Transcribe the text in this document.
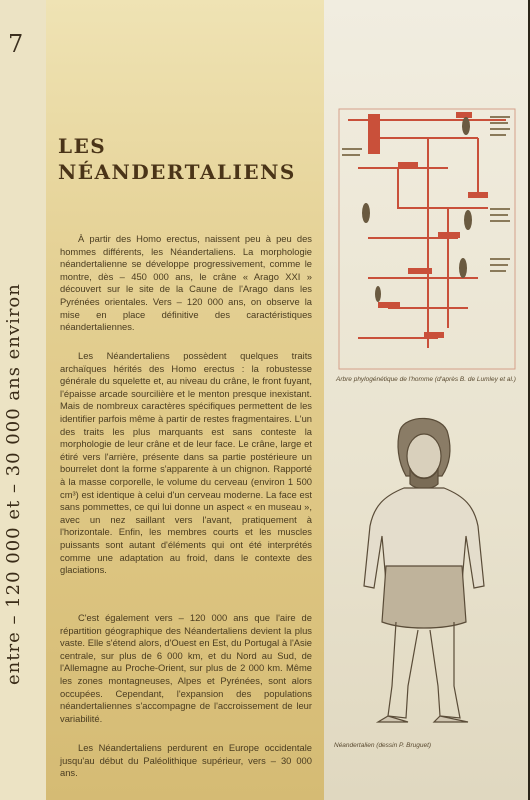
7
entre – 120 000 et – 30 000 ans environ
LES
NÉANDERTALIENS

À partir des Homo erectus, naissent peu à peu des hommes différents, les Néandertaliens. La morphologie néandertalienne se développe progressivement, comme le montre, dès – 450 000 ans, le crâne « Arago XXI » découvert sur le site de la Caune de l'Arago dans les Pyrénées orientales. Vers – 120 000 ans, on observe la mise en place définitive des caractéristiques néandertaliennes.

Les Néandertaliens possèdent quelques traits archaïques hérités des Homo erectus : la robustesse générale du squelette et, au niveau du crâne, le front fuyant, l'épaisse arcade sourcilière et le menton presque inexistant. Mais de nombreux caractères spécifiques permettent de les identifier parfois même à partir de restes fragmentaires. L'un des traits les plus marquants est sans conteste la morphologie de leur crâne et de leur face. Le crâne, large et étiré vers l'arrière, présente dans sa partie postérieure un bourrelet dont la forme s'apparente à un chignon. Rapporté à la masse corporelle, le volume du cerveau (environ 1 500 cm³) est identique à celui d'un cerveau moderne. La face est sans pommettes, ce qui lui donne un aspect « en museau », avec un nez saillant vers l'avant, pratiquement à l'horizontale. Enfin, les membres courts et les muscles puissants sont autant d'éléments qui ont été interprétés comme une adaptation au froid, dans le contexte des glaciations.

C'est également vers – 120 000 ans que l'aire de répartition géographique des Néandertaliens devient la plus vaste. Elle s'étend alors, d'Ouest en Est, du Portugal à l'Asie centrale, sur plus de 6 000 km, et du Nord au Sud, de l'Allemagne au Proche-Orient, sur plus de 2 000 km. Même les zones montagneuses, Alpes et Pyrénées, sont alors occupées. Cependant, l'expansion des populations néandertaliennes s'accompagne de l'accroissement de leur variabilité.

Les Néandertaliens perdurent en Europe occidentale jusqu'au début du Paléolithique supérieur, vers – 30 000 ans.

Arbre phylogénétique de l'homme (d'après B. de Lumley et al.)
Néandertalien (dessin P. Bruguet)
